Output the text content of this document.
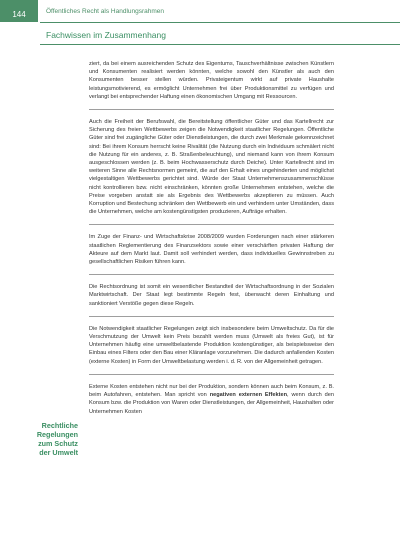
144	Öffentliches Recht als Handlungsrahmen
Fachwissen im Zusammenhang
ziert, da bei einem ausreichenden Schutz des Eigentums, Tauschverhältnisse zwischen Künstlern und Konsumenten realisiert werden könnten, welche sowohl den Künstler als auch den Konsumenten besser stellen würden. Privateigentum wirkt auf private Haushalte leistungsmotivierend, es ermöglicht Unternehmen frei über Produktionsmittel zu verfügen und verlangt bei entsprechender Haftung einen ökonomischen Umgang mit Ressourcen.
Auch die Freiheit der Berufswahl, die Bereitstellung öffentlicher Güter und das Kartellrecht zur Sicherung des freien Wettbewerbs zeigen die Notwendigkeit staatlicher Regelungen. Öffentliche Güter sind frei zugängliche Güter oder Dienstleistungen, die durch zwei Merkmale gekennzeichnet sind: Bei ihrem Konsum herrscht keine Rivalität (die Nutzung durch ein Individuum schmälert nicht die Nutzung für ein anderes, z. B. Straßenbeleuchtung), und niemand kann von ihrem Konsum ausgeschlossen werden (z. B. beim Hochwasserschutz durch Deiche). Unter Kartellrecht sind im weiteren Sinne alle Rechtsnormen gemeint, die auf den Erhalt eines ungehinderten und möglichst vielgestaltigen Wettbewerbs gerichtet sind. Würde der Staat Unternehmenszusammenschlüsse nicht kontrollieren bzw. nicht einschränken, könnten große Unternehmen entstehen, welche die Preise vorgeben anstatt sie als Ergebnis des Wettbewerbs akzeptieren zu müssen. Auch Korruption und Bestechung schränken den Wettbewerb ein und verhindern unter Umständen, dass die Unternehmen, welche am kostengünstigsten produzieren, Aufträge erhalten.
Im Zuge der Finanz- und Wirtschaftskrise 2008/2009 wurden Forderungen nach einer stärkeren staatlichen Reglementierung des Finanzsektors sowie einer verschärften privaten Haftung der Akteure auf dem Markt laut. Damit soll verhindert werden, dass individuelles Gewinnstreben zu gesellschaftlichen Risiken führen kann.
Die Rechtsordnung ist somit ein wesentlicher Bestandteil der Wirtschaftsordnung in der Sozialen Marktwirtschaft. Der Staat legt bestimmte Regeln fest, überwacht deren Einhaltung und sanktioniert Verstöße gegen diese Regeln.
Die Notwendigkeit staatlicher Regelungen zeigt sich insbesondere beim Umweltschutz. Da für die Verschmutzung der Umwelt kein Preis bezahlt werden muss (Umwelt als freies Gut), ist für Unternehmen häufig eine umweltbelastende Produktion kostengünstiger, als beispielsweise den Einbau eines Filters oder den Bau einer Kläranlage vorzunehmen. Die dadurch anfallenden Kosten (externe Kosten) in Form der Umweltbelastung werden i. d. R. von der Allgemeinheit getragen.
Externe Kosten entstehen nicht nur bei der Produktion, sondern können auch beim Konsum, z. B. beim Autofahren, entstehen. Man spricht von negativen externen Effekten, wenn durch den Konsum bzw. die Produktion von Waren oder Dienstleistungen, der Allgemeinheit, Haushalten oder Unternehmen Kosten
Rechtliche
Regelungen
zum Schutz
der Umwelt
